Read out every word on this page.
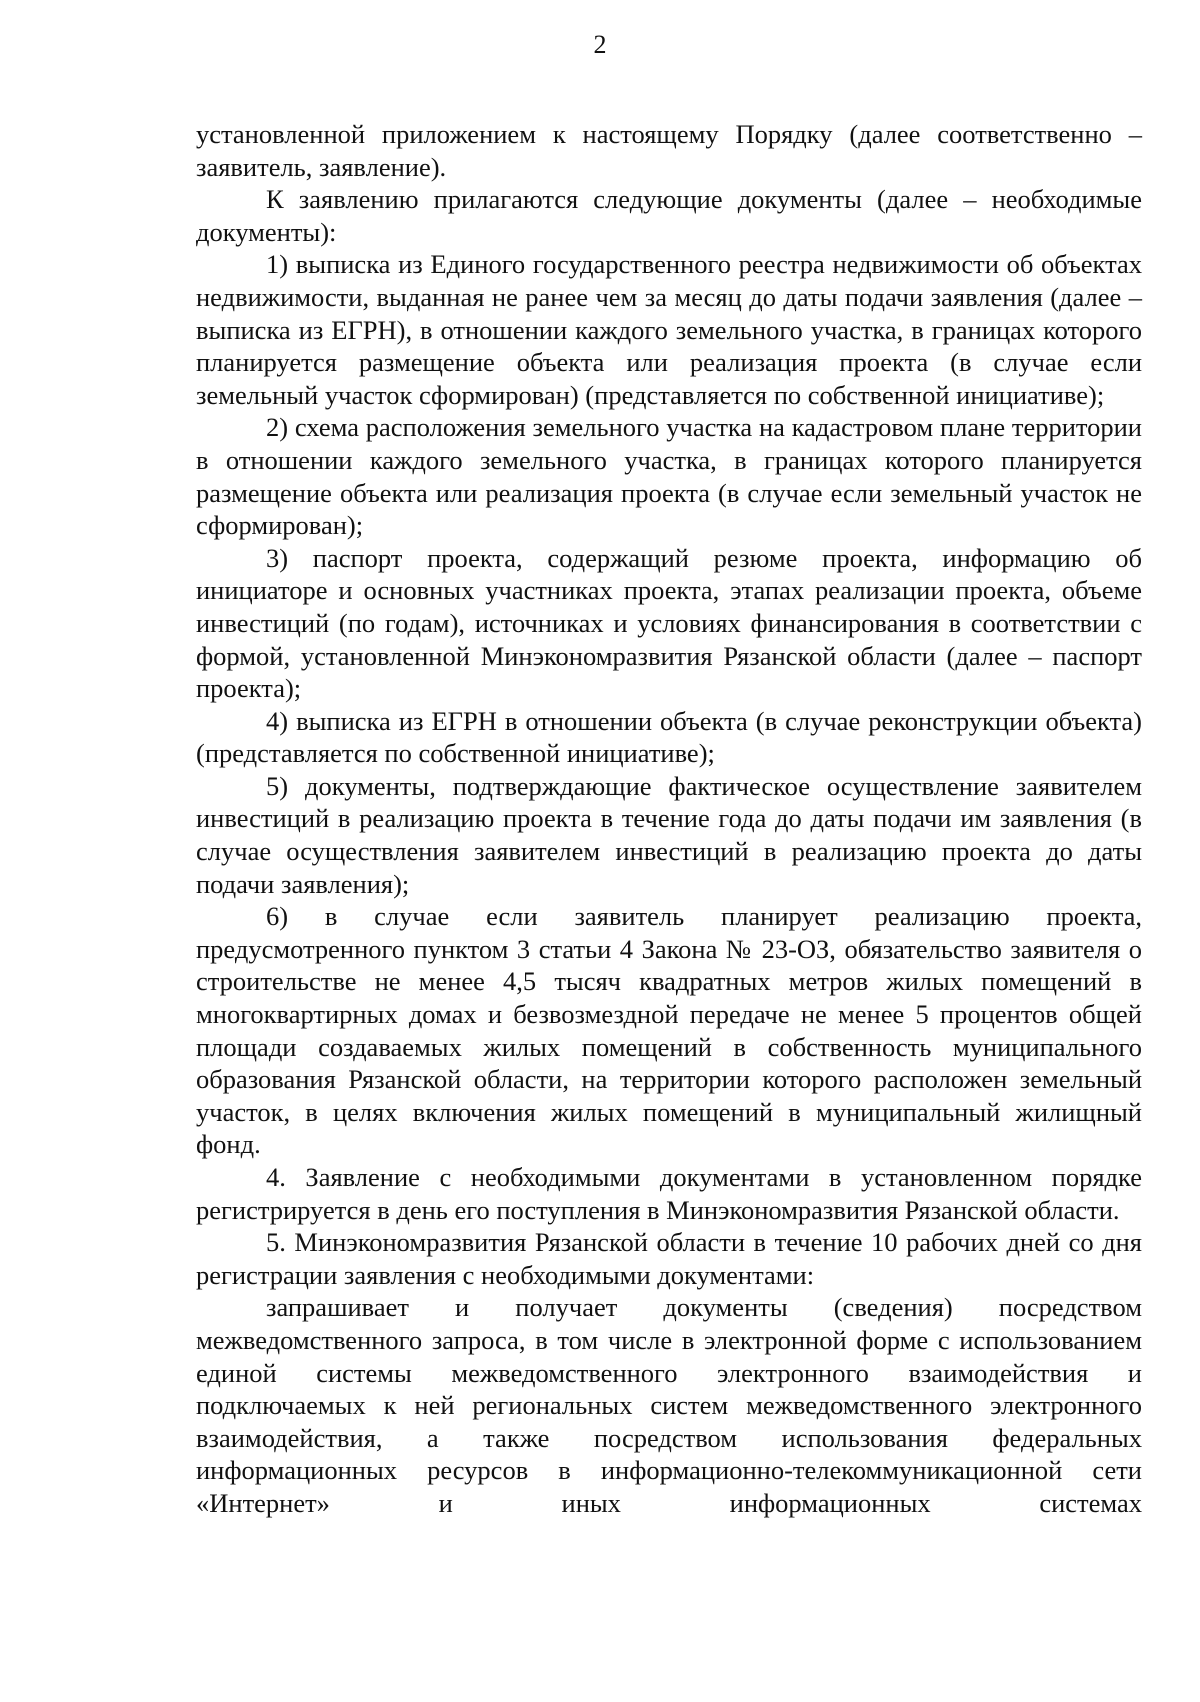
2

установленной приложением к настоящему Порядку (далее соответственно – заявитель, заявление).

К заявлению прилагаются следующие документы (далее – необходимые документы):

1) выписка из Единого государственного реестра недвижимости об объектах недвижимости, выданная не ранее чем за месяц до даты подачи заявления (далее – выписка из ЕГРН), в отношении каждого земельного участка, в границах которого планируется размещение объекта или реализация проекта (в случае если земельный участок сформирован) (представляется по собственной инициативе);

2) схема расположения земельного участка на кадастровом плане территории в отношении каждого земельного участка, в границах которого планируется размещение объекта или реализация проекта (в случае если земельный участок не сформирован);

3) паспорт проекта, содержащий резюме проекта, информацию об инициаторе и основных участниках проекта, этапах реализации проекта, объеме инвестиций (по годам), источниках и условиях финансирования в соответствии с формой, установленной Минэкономразвития Рязанской области (далее – паспорт проекта);

4) выписка из ЕГРН в отношении объекта (в случае реконструкции объекта) (представляется по собственной инициативе);

5) документы, подтверждающие фактическое осуществление заявителем инвестиций в реализацию проекта в течение года до даты подачи им заявления (в случае осуществления заявителем инвестиций в реализацию проекта до даты подачи заявления);

6) в случае если заявитель планирует реализацию проекта, предусмотренного пунктом 3 статьи 4 Закона № 23-ОЗ, обязательство заявителя о строительстве не менее 4,5 тысяч квадратных метров жилых помещений в многоквартирных домах и безвозмездной передаче не менее 5 процентов общей площади создаваемых жилых помещений в собственность муниципального образования Рязанской области, на территории которого расположен земельный участок, в целях включения жилых помещений в муниципальный жилищный фонд.

4. Заявление с необходимыми документами в установленном порядке регистрируется в день его поступления в Минэкономразвития Рязанской области.

5. Минэкономразвития Рязанской области в течение 10 рабочих дней со дня регистрации заявления с необходимыми документами:

запрашивает и получает документы (сведения) посредством межведомственного запроса, в том числе в электронной форме с использованием единой системы межведомственного электронного взаимодействия и подключаемых к ней региональных систем межведомственного электронного взаимодействия, а также посредством использования федеральных информационных ресурсов в информационно-телекоммуникационной сети «Интернет» и иных информационных системах
